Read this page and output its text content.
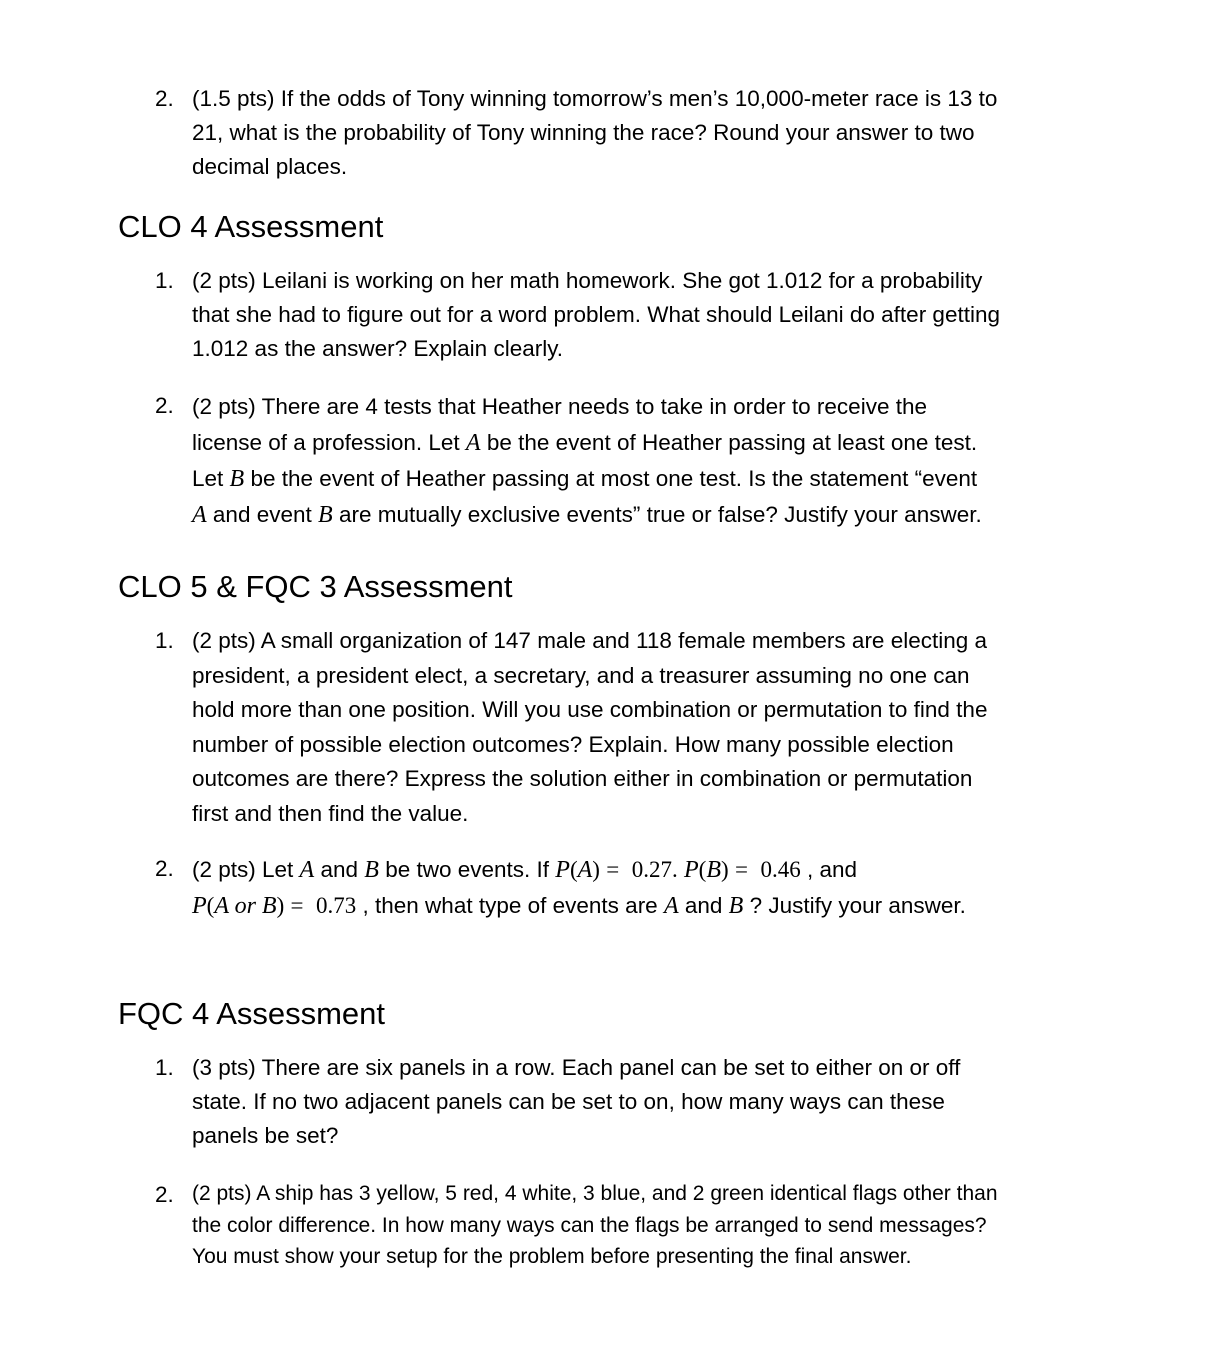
2. (1.5 pts) If the odds of Tony winning tomorrow’s men’s 10,000-meter race is 13 to
21, what is the probability of Tony winning the race? Round your answer to two
decimal places.
CLO 4 Assessment
1. (2 pts) Leilani is working on her math homework. She got 1.012 for a probability
that she had to figure out for a word problem. What should Leilani do after getting
1.012 as the answer? Explain clearly.
2. (2 pts) There are 4 tests that Heather needs to take in order to receive the
license of a profession. Let A be the event of Heather passing at least one test.
Let B be the event of Heather passing at most one test. Is the statement “event
A and event B are mutually exclusive events” true or false? Justify your answer.
CLO 5 & FQC 3 Assessment
1. (2 pts) A small organization of 147 male and 118 female members are electing a
president, a president elect, a secretary, and a treasurer assuming no one can
hold more than one position. Will you use combination or permutation to find the
number of possible election outcomes? Explain. How many possible election
outcomes are there? Express the solution either in combination or permutation
first and then find the value.
2. (2 pts) Let A and B be two events. If P(A) = 0.27. P(B) = 0.46 , and
P(A or B) = 0.73 , then what type of events are A and B ? Justify your answer.
FQC 4 Assessment
1. (3 pts) There are six panels in a row. Each panel can be set to either on or off
state. If no two adjacent panels can be set to on, how many ways can these
panels be set?
2. (2 pts) A ship has 3 yellow, 5 red, 4 white, 3 blue, and 2 green identical flags other than
the color difference. In how many ways can the flags be arranged to send messages?
You must show your setup for the problem before presenting the final answer.
